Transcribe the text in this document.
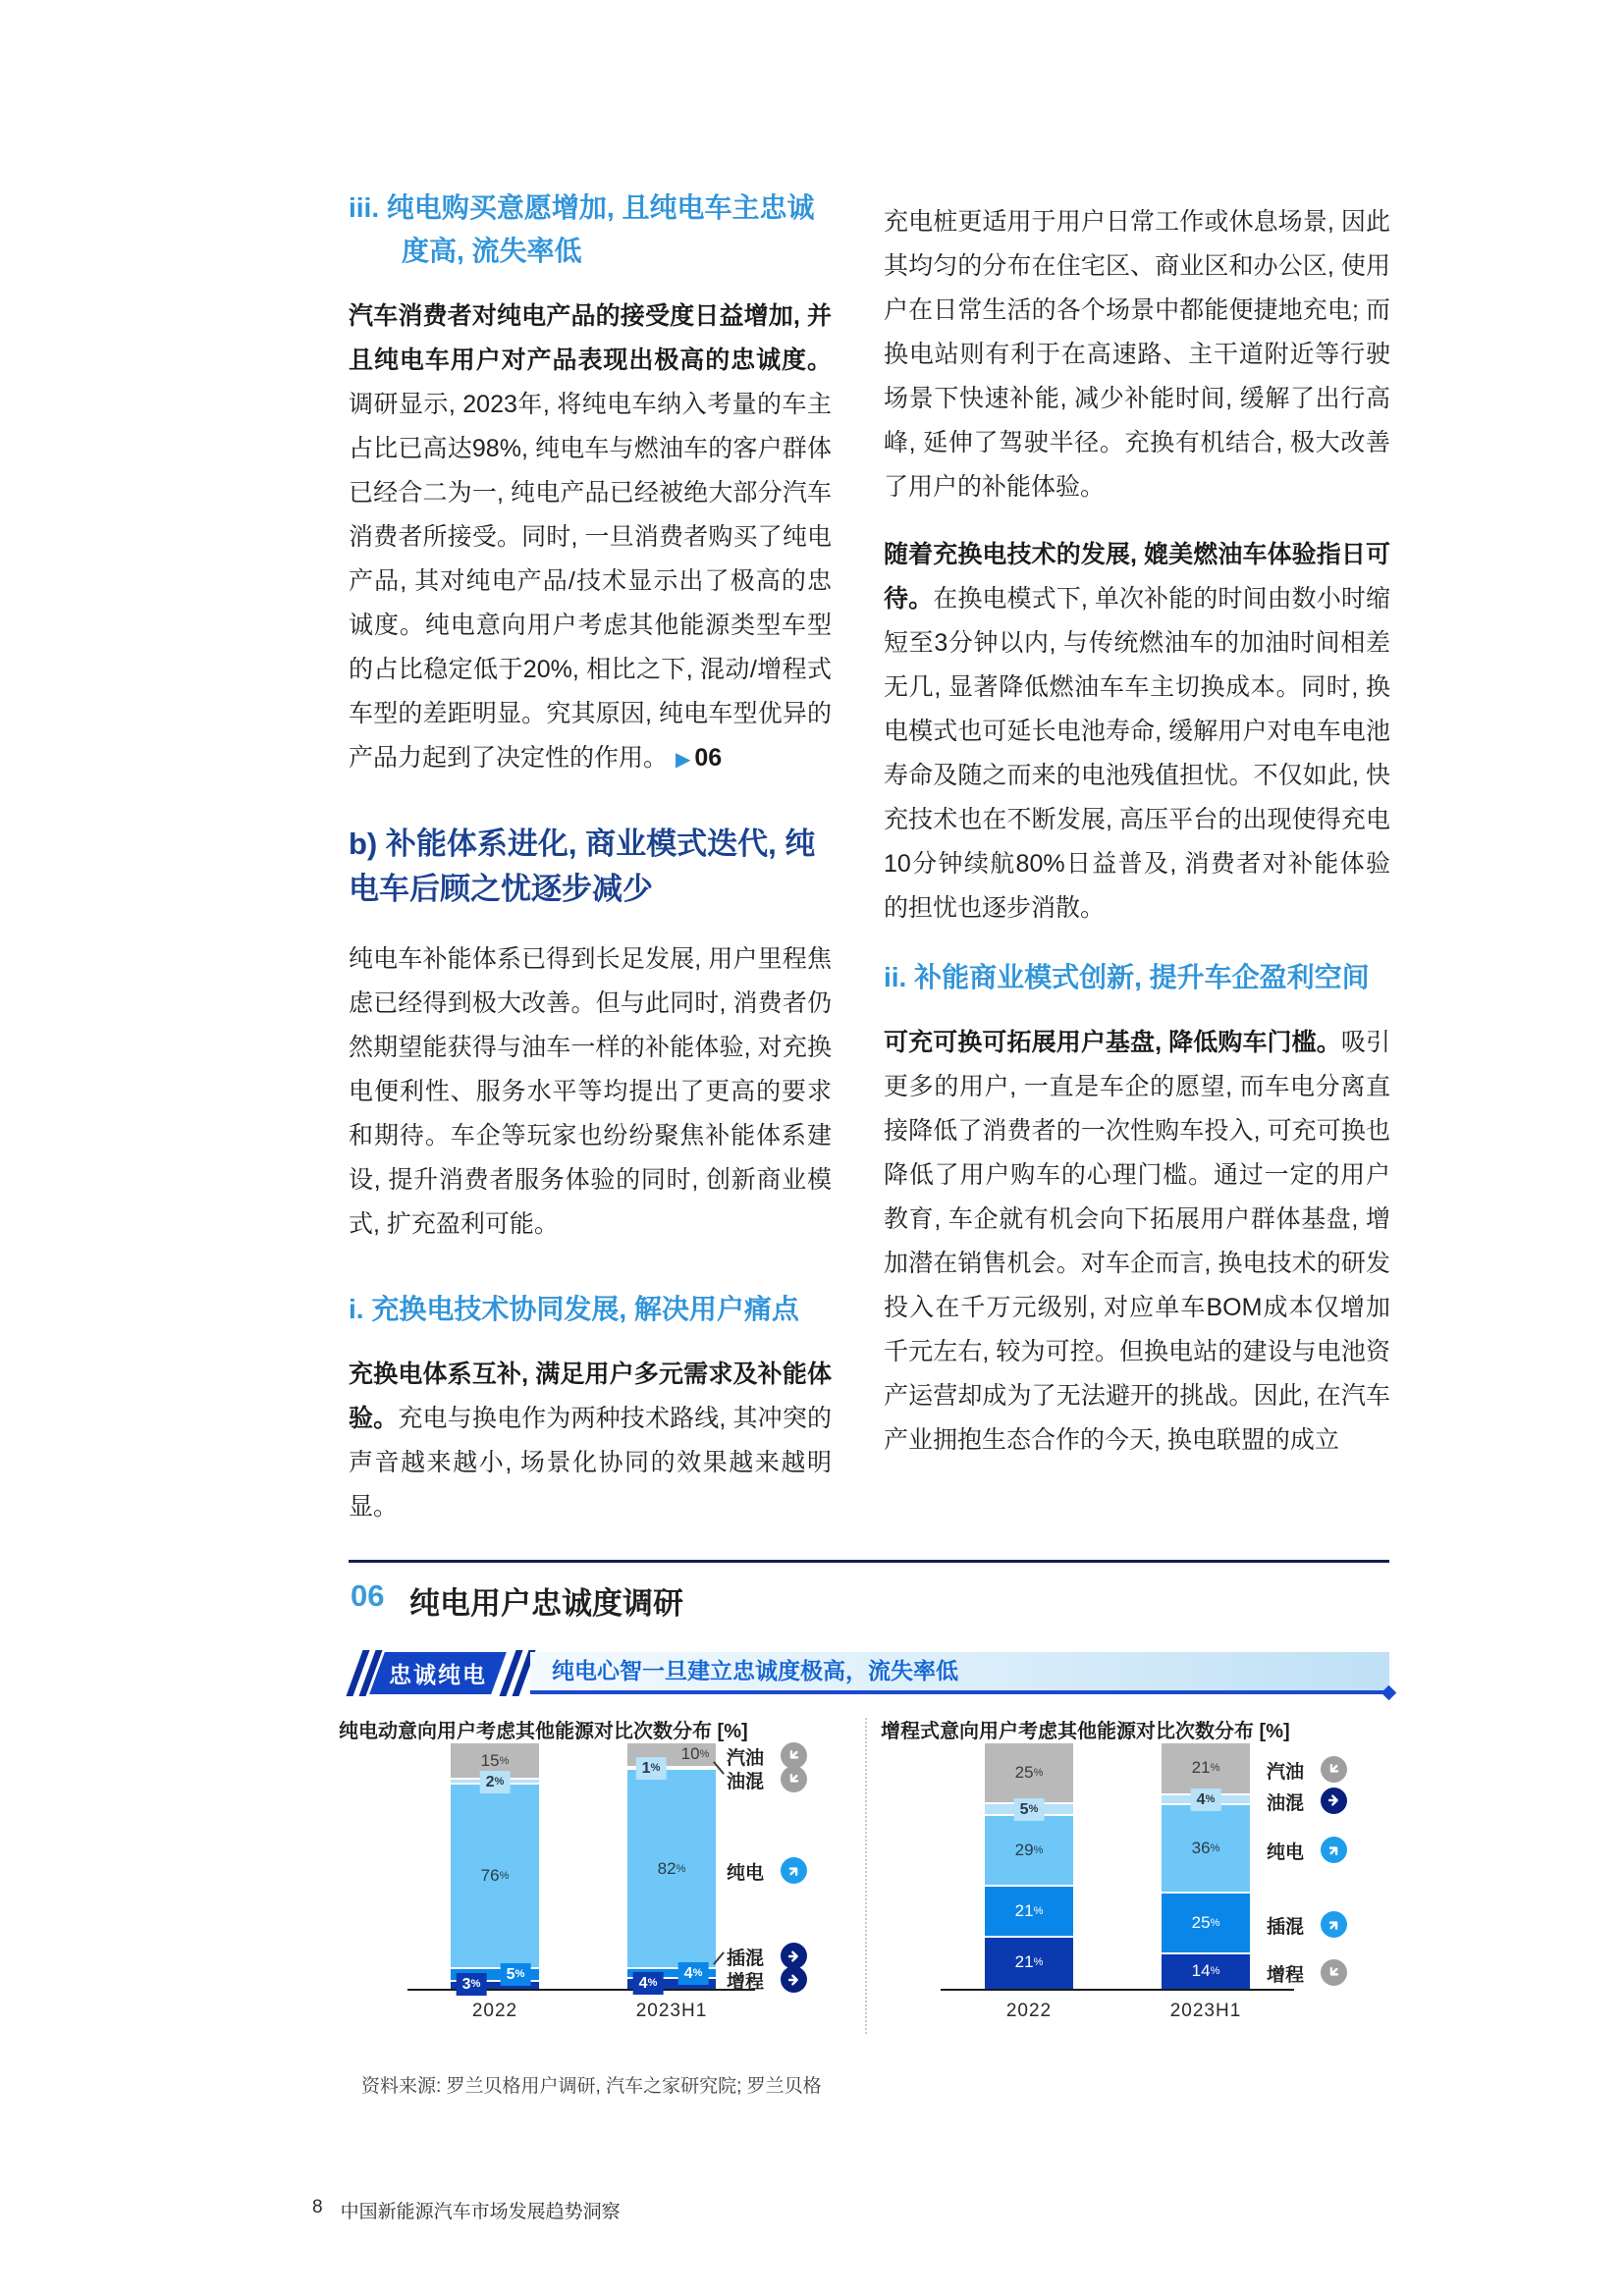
iii. 纯电购买意愿增加, 且纯电车主忠诚度高, 流失率低

汽车消费者对纯电产品的接受度日益增加, 并且纯电车用户对产品表现出极高的忠诚度。调研显示, 2023年, 将纯电车纳入考量的车主占比已高达98%, 纯电车与燃油车的客户群体已经合二为一, 纯电产品已经被绝大部分汽车消费者所接受。同时, 一旦消费者购买了纯电产品, 其对纯电产品/技术显示出了极高的忠诚度。纯电意向用户考虑其他能源类型车型的占比稳定低于20%, 相比之下, 混动/增程式车型的差距明显。究其原因, 纯电车型优异的产品力起到了决定性的作用。 ▶ 06

b) 补能体系进化, 商业模式迭代, 纯电车后顾之忧逐步减少

纯电车补能体系已得到长足发展, 用户里程焦虑已经得到极大改善。但与此同时, 消费者仍然期望能获得与油车一样的补能体验, 对充换电便利性、服务水平等均提出了更高的要求和期待。车企等玩家也纷纷聚焦补能体系建设, 提升消费者服务体验的同时, 创新商业模式, 扩充盈利可能。

i. 充换电技术协同发展, 解决用户痛点

充换电体系互补, 满足用户多元需求及补能体验。充电与换电作为两种技术路线, 其冲突的声音越来越小, 场景化协同的效果越来越明显。

充电桩更适用于用户日常工作或休息场景, 因此其均匀的分布在住宅区、商业区和办公区, 使用户在日常生活的各个场景中都能便捷地充电; 而换电站则有利于在高速路、主干道附近等行驶场景下快速补能, 减少补能时间, 缓解了出行高峰, 延伸了驾驶半径。充换有机结合, 极大改善了用户的补能体验。

随着充换电技术的发展, 媲美燃油车体验指日可待。在换电模式下, 单次补能的时间由数小时缩短至3分钟以内, 与传统燃油车的加油时间相差无几, 显著降低燃油车车主切换成本。同时, 换电模式也可延长电池寿命, 缓解用户对电车电池寿命及随之而来的电池残值担忧。不仅如此, 快充技术也在不断发展, 高压平台的出现使得充电10分钟续航80%日益普及, 消费者对补能体验的担忧也逐步消散。

ii. 补能商业模式创新, 提升车企盈利空间

可充可换可拓展用户基盘, 降低购车门槛。吸引更多的用户, 一直是车企的愿望, 而车电分离直接降低了消费者的一次性购车投入, 可充可换也降低了用户购车的心理门槛。通过一定的用户教育, 车企就有机会向下拓展用户群体基盘, 增加潜在销售机会。对车企而言, 换电技术的研发投入在千万元级别, 对应单车BOM成本仅增加千元左右, 较为可控。但换电站的建设与电池资产运营却成为了无法避开的挑战。因此, 在汽车产业拥抱生态合作的今天, 换电联盟的成立

06 纯电用户忠诚度调研
忠诚纯电	纯电心智一旦建立忠诚度极高，流失率低
纯电动意向用户考虑其他能源对比次数分布 [%]	增程式意向用户考虑其他能源对比次数分布 [%]
2022
3%
5%
76%
2%
15%
2023H1
4%
4%
82%
1%
10% 汽油
油混
纯电
插混
增程
2022
21%
21%
29%
5%
25%
2023H1
14%
25%
36%
4%
21%	汽油
油混
纯电
插混
增程
资料来源: 罗兰贝格用户调研, 汽车之家研究院; 罗兰贝格
8 中国新能源汽车市场发展趋势洞察
